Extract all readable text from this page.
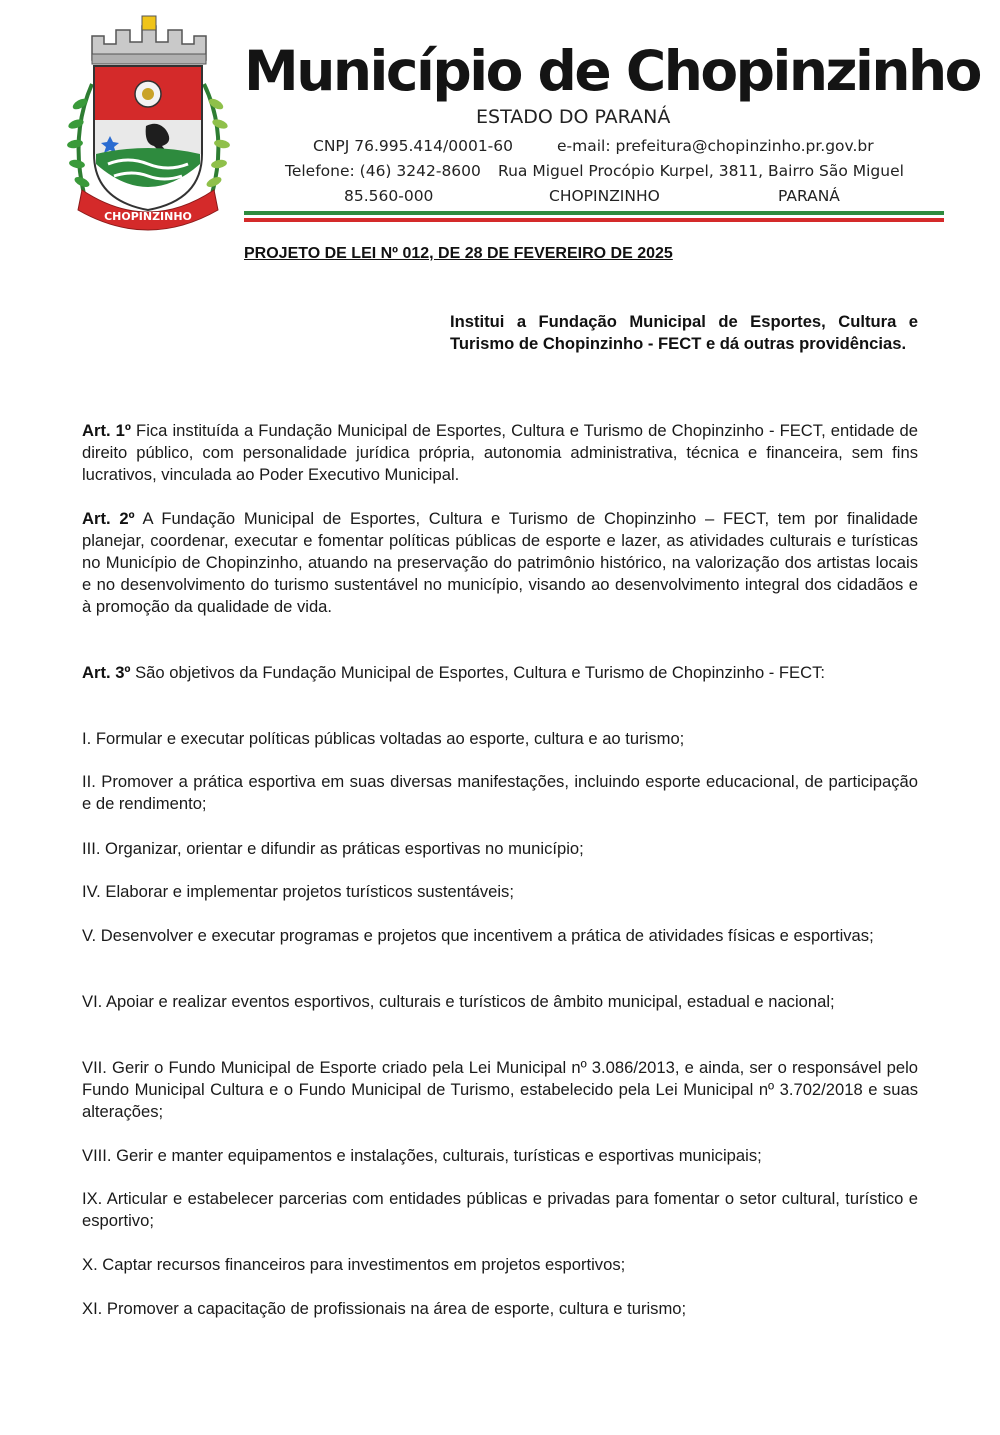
CHOPINZINHO
Município de Chopinzinho
ESTADO DO PARANÁ
CNPJ 76.995.414/0001-60	e-mail: prefeitura@chopinzinho.pr.gov.br
Telefone: (46) 3242-8600 Rua Miguel Procópio Kurpel, 3811, Bairro São Miguel
85.560-000	CHOPINZINHO	PARANÁ
PROJETO DE LEI Nº 012, DE 28 DE FEVEREIRO DE 2025
Institui a Fundação Municipal de Esportes, Cultura e Turismo de Chopinzinho - FECT e dá outras providências.
Art. 1º Fica instituída a Fundação Municipal de Esportes, Cultura e Turismo de Chopinzinho - FECT, entidade de direito público, com personalidade jurídica própria, autonomia administrativa, técnica e financeira, sem fins lucrativos, vinculada ao Poder Executivo Municipal.
Art. 2º A Fundação Municipal de Esportes, Cultura e Turismo de Chopinzinho – FECT, tem por finalidade planejar, coordenar, executar e fomentar políticas públicas de esporte e lazer, as atividades culturais e turísticas no Município de Chopinzinho, atuando na preservação do patrimônio histórico, na valorização dos artistas locais e no desenvolvimento do turismo sustentável no município, visando ao desenvolvimento integral dos cidadãos e à promoção da qualidade de vida.
Art. 3º São objetivos da Fundação Municipal de Esportes, Cultura e Turismo de Chopinzinho - FECT:
I. Formular e executar políticas públicas voltadas ao esporte, cultura e ao turismo;
II. Promover a prática esportiva em suas diversas manifestações, incluindo esporte educacional, de participação e de rendimento;
III. Organizar, orientar e difundir as práticas esportivas no município;
IV. Elaborar e implementar projetos turísticos sustentáveis;
V. Desenvolver e executar programas e projetos que incentivem a prática de atividades físicas e esportivas;
VI. Apoiar e realizar eventos esportivos, culturais e turísticos de âmbito municipal, estadual e nacional;
VII. Gerir o Fundo Municipal de Esporte criado pela Lei Municipal nº 3.086/2013, e ainda, ser o responsável pelo Fundo Municipal Cultura e o Fundo Municipal de Turismo, estabelecido pela Lei Municipal nº 3.702/2018 e suas alterações;
VIII. Gerir e manter equipamentos e instalações, culturais, turísticas e esportivas municipais;
IX. Articular e estabelecer parcerias com entidades públicas e privadas para fomentar o setor cultural, turístico e esportivo;
X. Captar recursos financeiros para investimentos em projetos esportivos;
XI. Promover a capacitação de profissionais na área de esporte, cultura e turismo;
